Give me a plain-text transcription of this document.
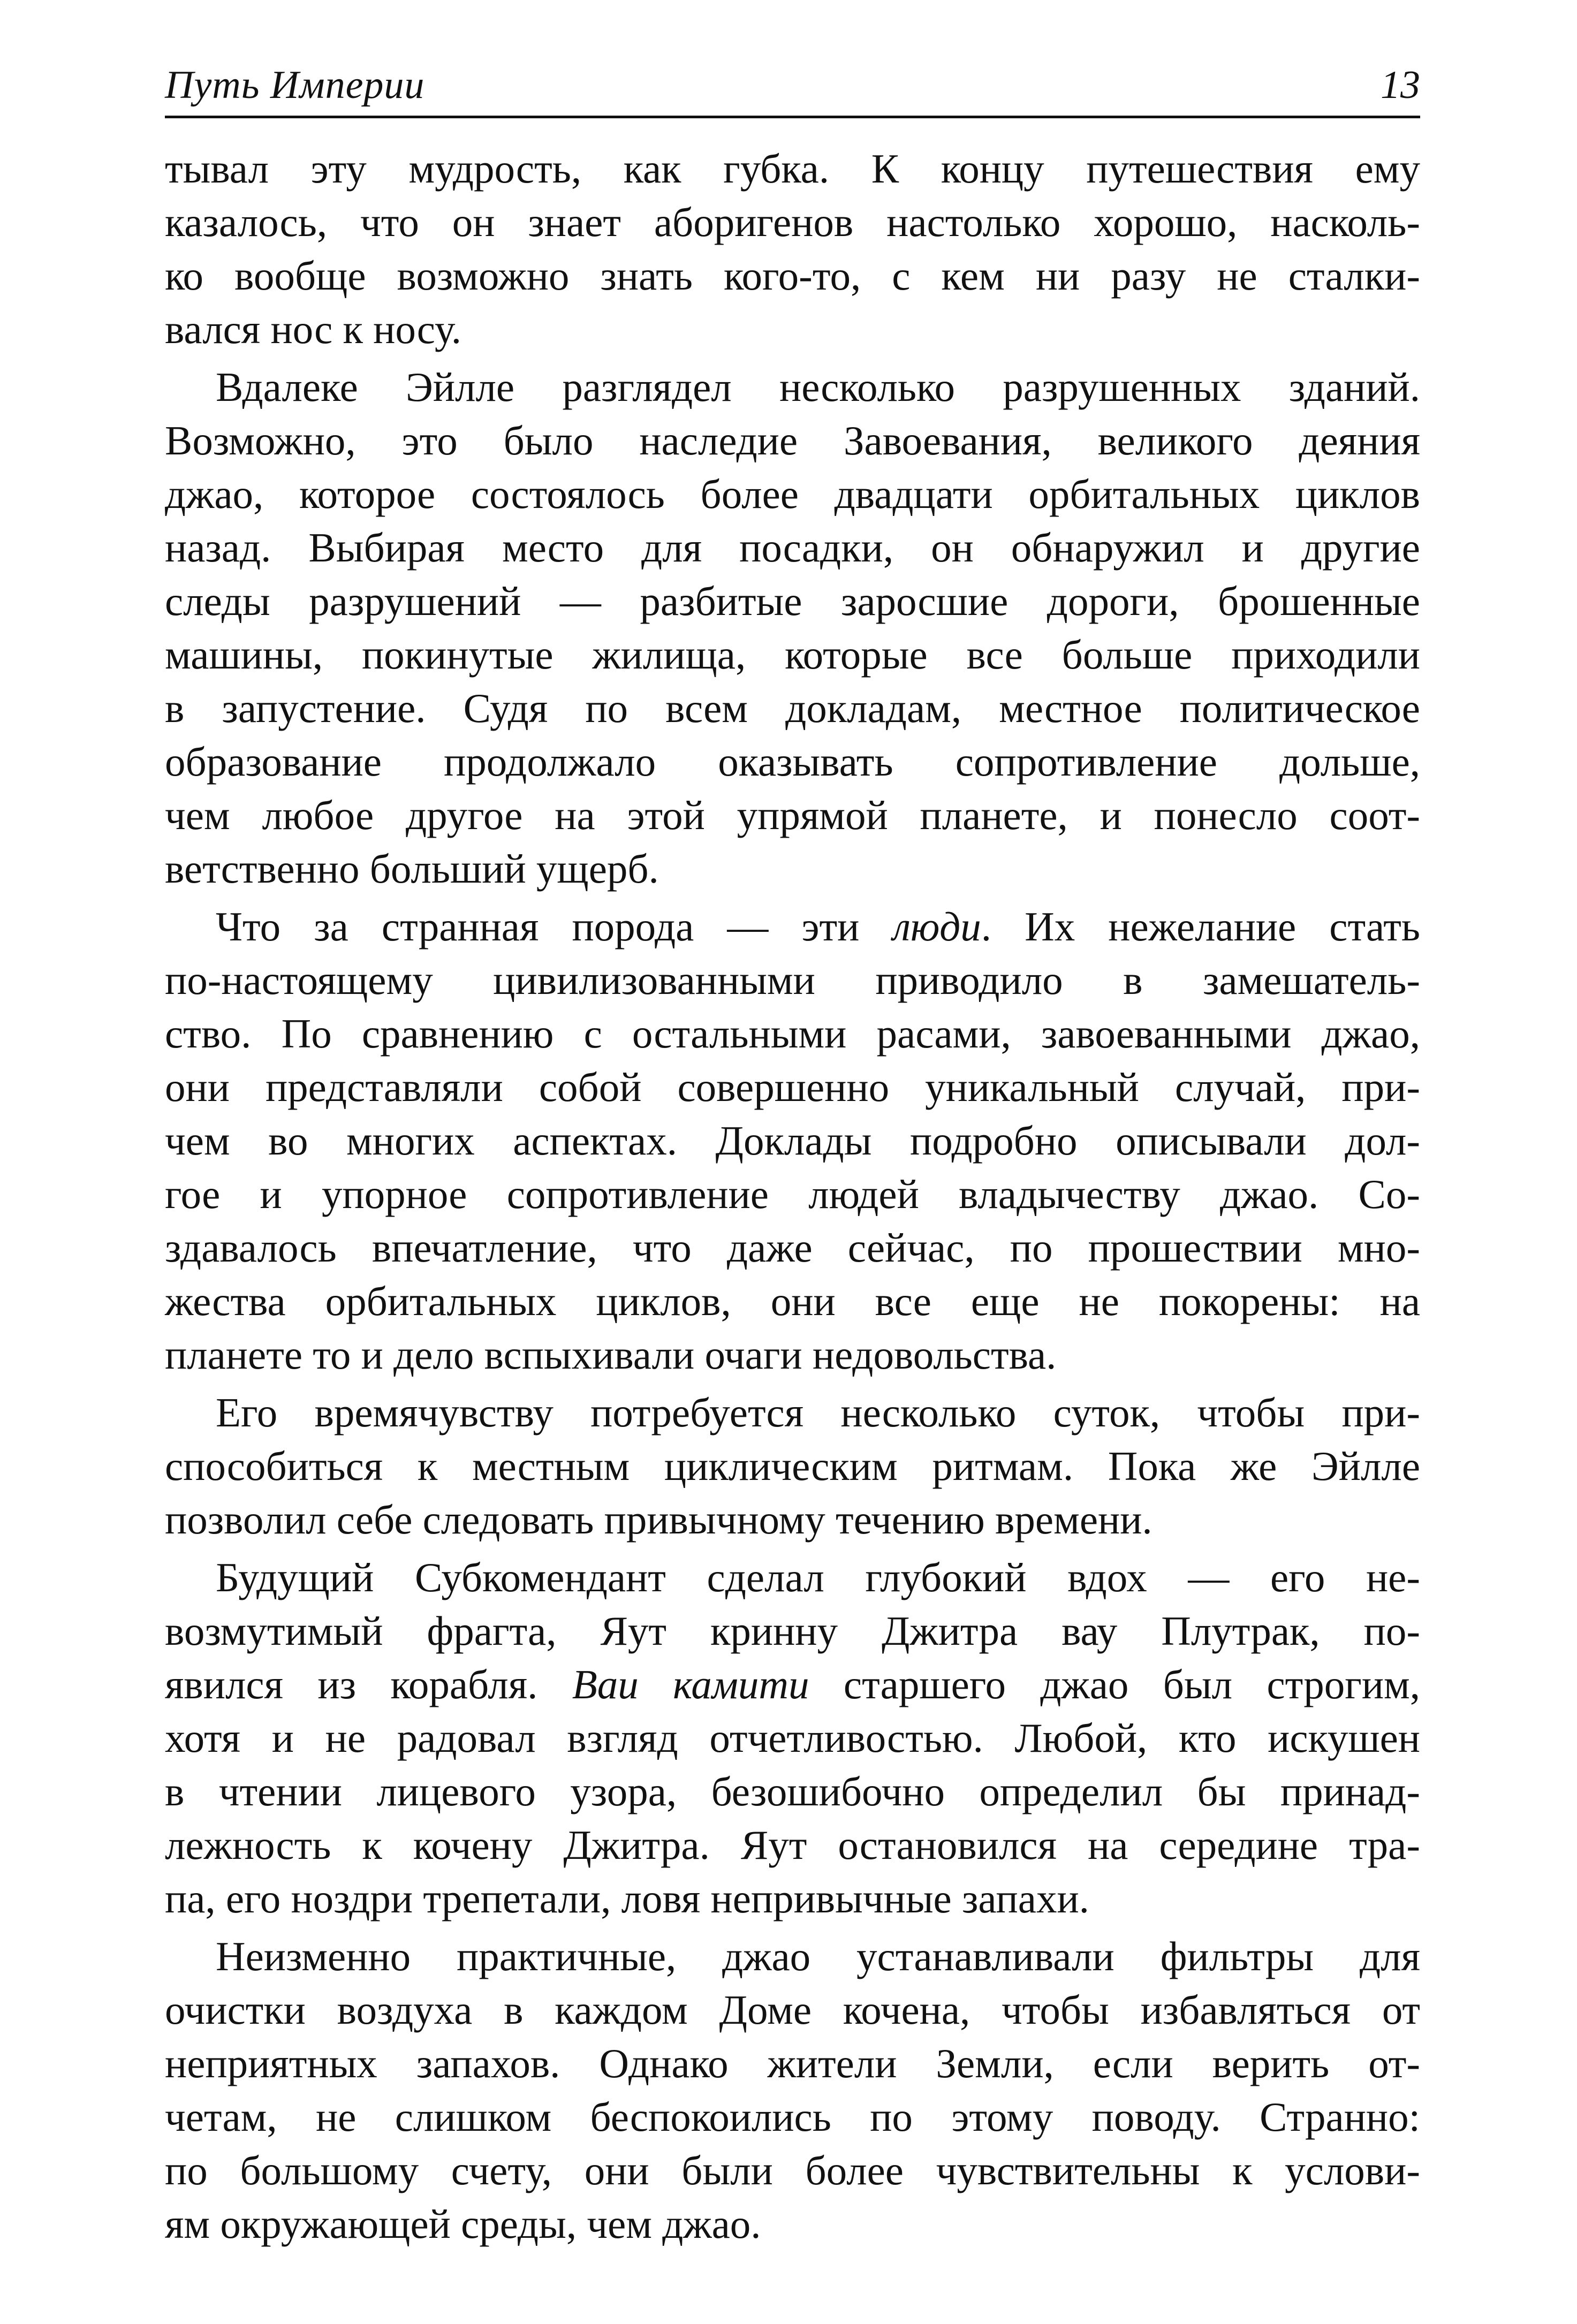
Путь Империи	13
тывал эту мудрость, как губка. К концу путешествия ему
казалось, что он знает аборигенов настолько хорошо, насколь-
ко вообще возможно знать кого-то, с кем ни разу не сталки-
вался нос к носу.
Вдалеке Эйлле разглядел несколько разрушенных зданий.
Возможно, это было наследие Завоевания, великого деяния
джао, которое состоялось более двадцати орбитальных циклов
назад. Выбирая место для посадки, он обнаружил и другие
следы разрушений — разбитые заросшие дороги, брошенные
машины, покинутые жилища, которые все больше приходили
в запустение. Судя по всем докладам, местное политическое
образование продолжало оказывать сопротивление дольше,
чем любое другое на этой упрямой планете, и понесло соот-
ветственно больший ущерб.
Что за странная порода — эти люди. Их нежелание стать
по-настоящему цивилизованными приводило в замешатель-
ство. По сравнению с остальными расами, завоеванными джао,
они представляли собой совершенно уникальный случай, при-
чем во многих аспектах. Доклады подробно описывали дол-
гое и упорное сопротивление людей владычеству джао. Со-
здавалось впечатление, что даже сейчас, по прошествии мно-
жества орбитальных циклов, они все еще не покорены: на
планете то и дело вспыхивали очаги недовольства.
Его времячувству потребуется несколько суток, чтобы при-
способиться к местным циклическим ритмам. Пока же Эйлле
позволил себе следовать привычному течению времени.
Будущий Субкомендант сделал глубокий вдох — его не-
возмутимый фрагта, Яут кринну Джитра вау Плутрак, по-
явился из корабля. Ваи камити старшего джао был строгим,
хотя и не радовал взгляд отчетливостью. Любой, кто искушен
в чтении лицевого узора, безошибочно определил бы принад-
лежность к кочену Джитра. Яут остановился на середине тра-
па, его ноздри трепетали, ловя непривычные запахи.
Неизменно практичные, джао устанавливали фильтры для
очистки воздуха в каждом Доме кочена, чтобы избавляться от
неприятных запахов. Однако жители Земли, если верить от-
четам, не слишком беспокоились по этому поводу. Странно:
по большому счету, они были более чувствительны к услови-
ям окружающей среды, чем джао.
